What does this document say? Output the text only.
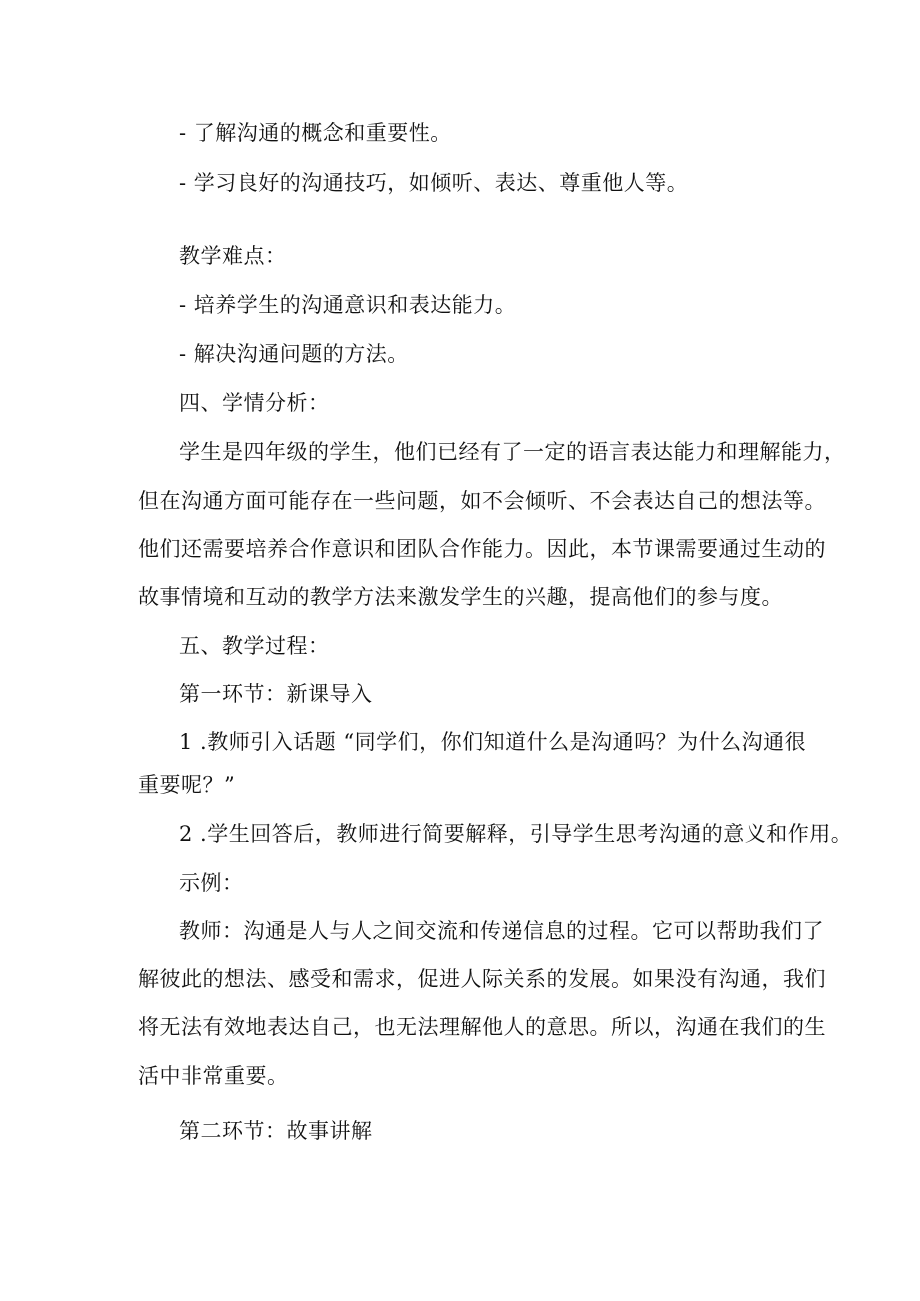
- 了解沟通的概念和重要性。
- 学习良好的沟通技巧，如倾听、表达、尊重他人等。
教学难点：
- 培养学生的沟通意识和表达能力。
- 解决沟通问题的方法。
四、学情分析：
学生是四年级的学生，他们已经有了一定的语言表达能力和理解能力，
但在沟通方面可能存在一些问题，如不会倾听、不会表达自己的想法等。
他们还需要培养合作意识和团队合作能力。因此，本节课需要通过生动的
故事情境和互动的教学方法来激发学生的兴趣，提高他们的参与度。
五、教学过程：
第一环节：新课导入
1 .教师引入话题 “同学们，你们知道什么是沟通吗？为什么沟通很
重要呢？”
2 .学生回答后，教师进行简要解释，引导学生思考沟通的意义和作用。
示例：
教师：沟通是人与人之间交流和传递信息的过程。它可以帮助我们了
解彼此的想法、感受和需求，促进人际关系的发展。如果没有沟通，我们
将无法有效地表达自己，也无法理解他人的意思。所以，沟通在我们的生
活中非常重要。
第二环节：故事讲解
